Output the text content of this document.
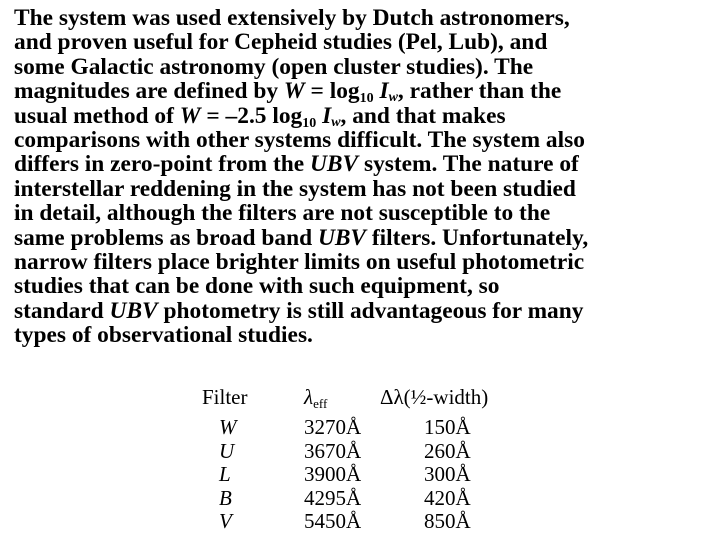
The system was used extensively by Dutch astronomers,
and proven useful for Cepheid studies (Pel, Lub), and
some Galactic astronomy (open cluster studies). The
magnitudes are defined by $W = \log_{10} Iw$, rather than the
usual method of W = –2.5 $\log_{10} Iw$, and that makes
comparisons with other systems difficult. The system also
differs in zero-point from the UBV system. The nature of
interstellar reddening in the system has not been studied
in detail, although the filters are not susceptible to the
same problems as broad band UBV filters. Unfortunately,
narrow filters place brighter limits on useful photometric
studies that can be done with such equipment, so
standard UBV photometry is still advantageous for many
types of observational studies.
Filter	$\lambda_{eff}$	Δλ(½-width)
W
U
L
B
V
3270Å
3670Å
3900Å
4295Å
5450Å
150Å
260Å
300Å
420Å
850Å
